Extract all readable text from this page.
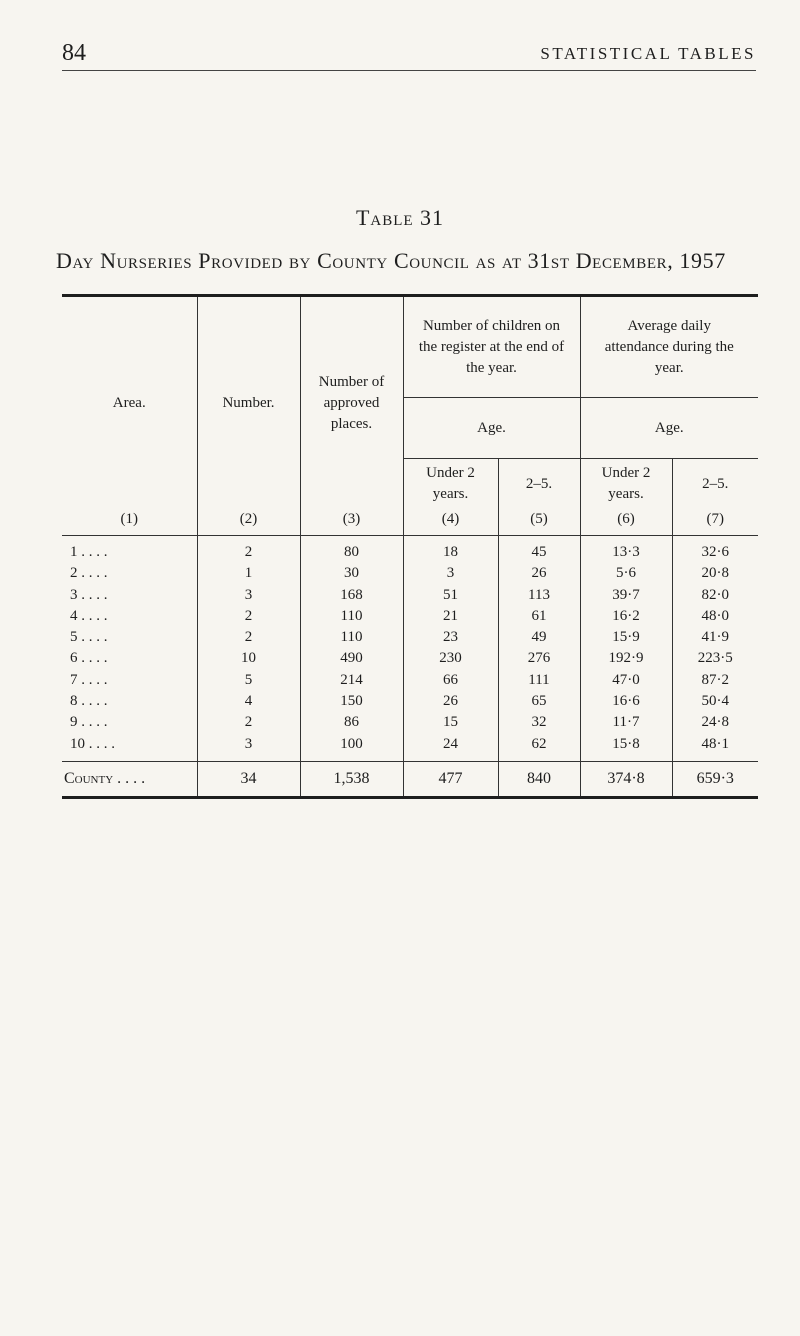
84	STATISTICAL TABLES
Table 31
Day Nurseries Provided by County Council as at 31st December, 1957
Area.	Number.	Number of approved places.	Number of children on the register at the end of the year.		Average daily attendance during the year.	

			Age.		Age.	
			Under 2 years.	2–5.	Under 2 years.	2–5.
(1)	(2)	(3)	(4)	(5)	(6)	(7)
1 . . . .	2	80	18	45	13·3	32·6
2 . . . .	1	30	3	26	5·6	20·8
3 . . . .	3	168	51	113	39·7	82·0
4 . . . .	2	110	21	61	16·2	48·0
5 . . . .	2	110	23	49	15·9	41·9
6 . . . .	10	490	230	276	192·9	223·5
7 . . . .	5	214	66	111	47·0	87·2
8 . . . .	4	150	26	65	16·6	50·4
9 . . . .	2	86	15	32	11·7	24·8
10 . . . .	3	100	24	62	15·8	48·1
County . . . .	34	1,538	477	840	374·8	659·3
